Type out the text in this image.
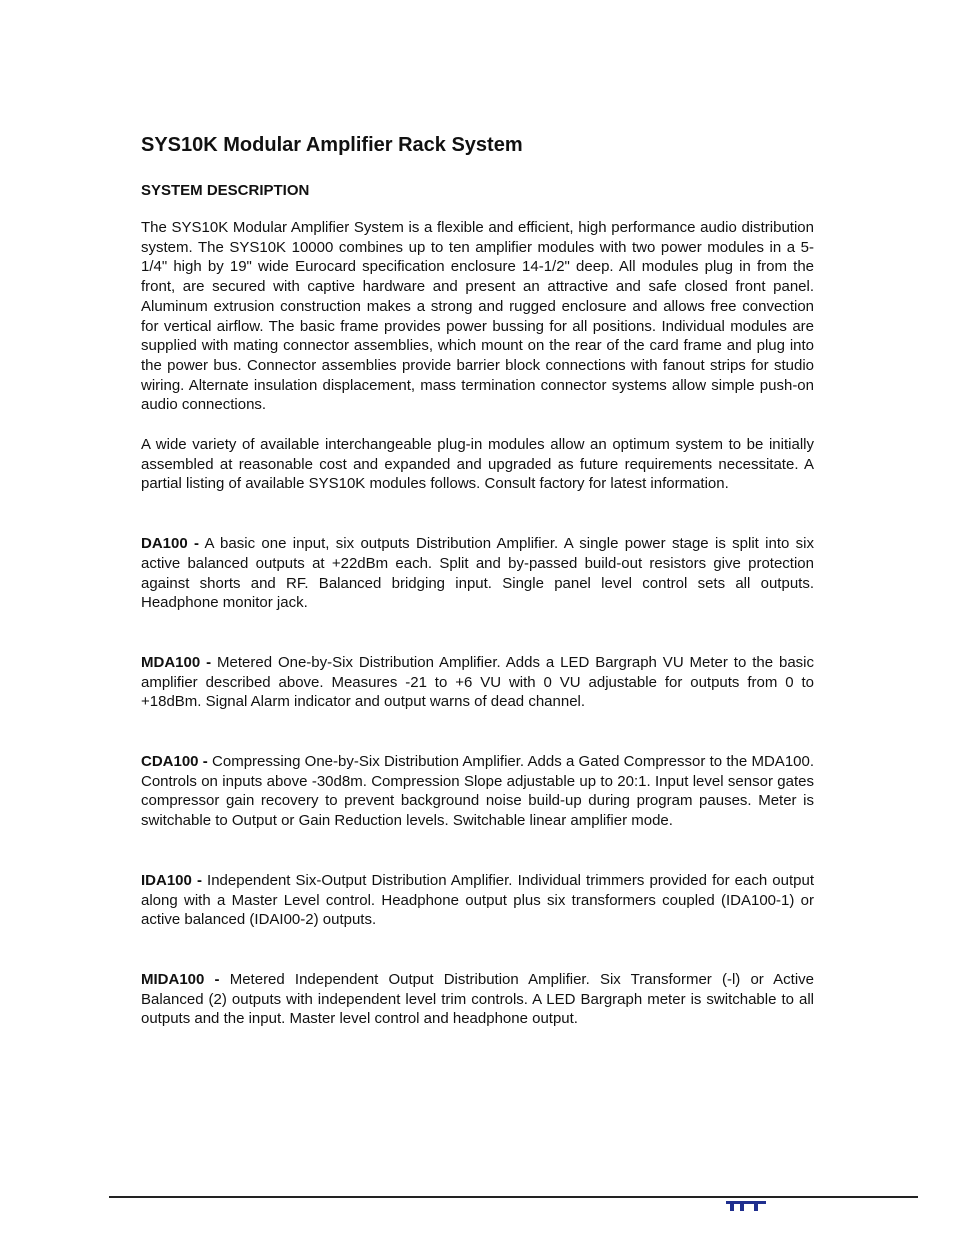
SYS10K Modular Amplifier Rack System
SYSTEM DESCRIPTION

The SYS10K Modular Amplifier System is a flexible and efficient, high performance audio distribution system. The SYS10K 10000 combines up to ten amplifier modules with two power modules in a 5-1/4" high by 19" wide Eurocard specification enclosure 14-1/2" deep. All modules plug in from the front, are secured with captive hardware and present an attractive and safe closed front panel. Aluminum extrusion construction makes a strong and rugged enclosure and allows free convection for vertical airflow. The basic frame provides power bussing for all positions. Individual modules are supplied with mating connector assemblies, which mount on the rear of the card frame and plug into the power bus. Connector assemblies provide barrier block connections with fanout strips for studio wiring. Alternate insulation displacement, mass termination connector systems allow simple push-on audio connections.

A wide variety of available interchangeable plug-in modules allow an optimum system to be initially assembled at reasonable cost and expanded and upgraded as future requirements necessitate. A partial listing of available SYS10K modules follows. Consult factory for latest information.

DA100 - A basic one input, six outputs Distribution Amplifier. A single power stage is split into six active balanced outputs at +22dBm each. Split and by-passed build-out resistors give protection against shorts and RF. Balanced bridging input. Single panel level control sets all outputs. Headphone monitor jack.

MDA100 - Metered One-by-Six Distribution Amplifier. Adds a LED Bargraph VU Meter to the basic amplifier described above. Measures -21 to +6 VU with 0 VU adjustable for outputs from 0 to +18dBm. Signal Alarm indicator and output warns of dead channel.

CDA100 - Compressing One-by-Six Distribution Amplifier. Adds a Gated Compressor to the MDA100. Controls on inputs above -30d8m. Compression Slope adjustable up to 20:1. Input level sensor gates compressor gain recovery to prevent background noise build-up during program pauses. Meter is switchable to Output or Gain Reduction levels. Switchable linear amplifier mode.

IDA100 - Independent Six-Output Distribution Amplifier. Individual trimmers provided for each output along with a Master Level control. Headphone output plus six transformers coupled (IDA100-1) or active balanced (IDAI00-2) outputs.

MIDA100 - Metered Independent Output Distribution Amplifier. Six Transformer (-l) or Active Balanced (2) outputs with independent level trim controls. A LED Bargraph meter is switchable to all outputs and the input. Master level control and headphone output.
